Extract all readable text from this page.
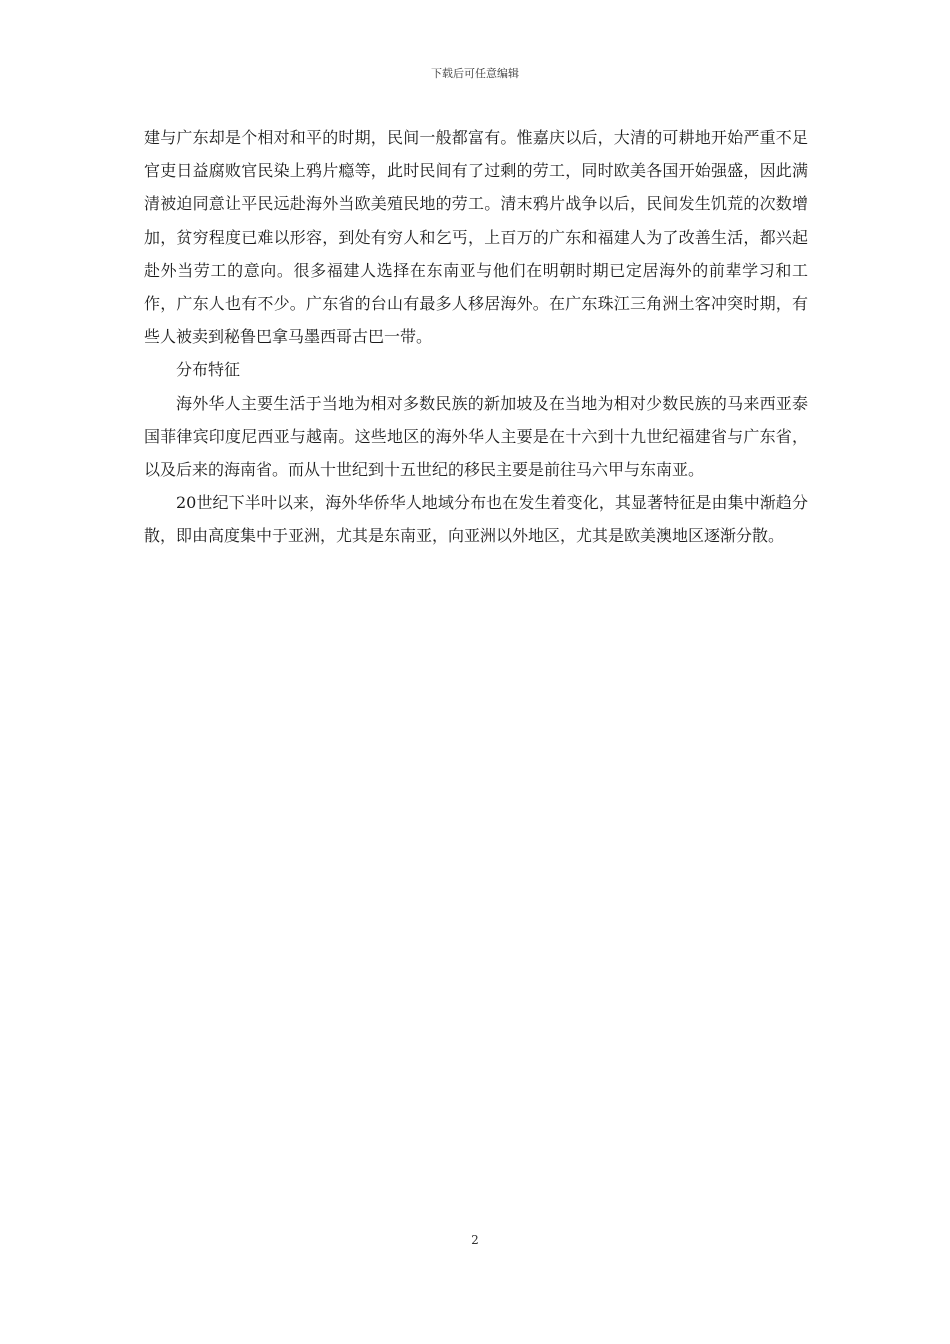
下载后可任意编辑

建与广东却是个相对和平的时期，民间一般都富有。惟嘉庆以后，大清的可耕地开始严重不足官吏日益腐败官民染上鸦片瘾等，此时民间有了过剩的劳工，同时欧美各国开始强盛，因此满清被迫同意让平民远赴海外当欧美殖民地的劳工。清末鸦片战争以后，民间发生饥荒的次数增加，贫穷程度已难以形容，到处有穷人和乞丐，上百万的广东和福建人为了改善生活，都兴起赴外当劳工的意向。很多福建人选择在东南亚与他们在明朝时期已定居海外的前辈学习和工作，广东人也有不少。广东省的台山有最多人移居海外。在广东珠江三角洲土客冲突时期，有些人被卖到秘鲁巴拿马墨西哥古巴一带。

分布特征

海外华人主要生活于当地为相对多数民族的新加坡及在当地为相对少数民族的马来西亚泰国菲律宾印度尼西亚与越南。这些地区的海外华人主要是在十六到十九世纪福建省与广东省，以及后来的海南省。而从十世纪到十五世纪的移民主要是前往马六甲与东南亚。

20世纪下半叶以来，海外华侨华人地域分布也在发生着变化，其显著特征是由集中渐趋分散，即由高度集中于亚洲，尤其是东南亚，向亚洲以外地区，尤其是欧美澳地区逐渐分散。

2
